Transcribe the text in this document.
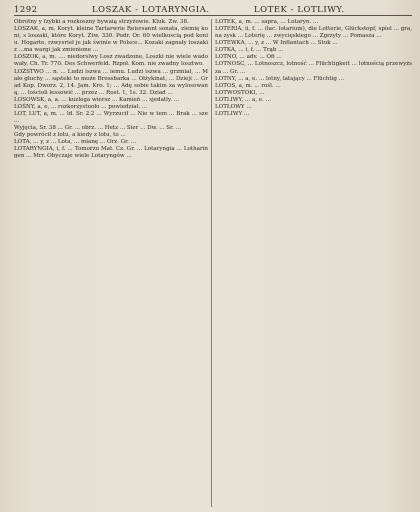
1292	LOSZAK - LOTARYNGIA.	LOTEK - LOTLIWY.

Obrotny y ſzybki a rozkoszny bywaią strzyżowie. Kluk. Zw. 38.

LOSZAK, a, m. Koryt. kleine Tartarwrie Reisrsannt sonata, ziemię koni, s loszaki, które Koryt. Ztw. 330. Podr. Or. 60 wielkoscią pod koniu. Hogarte, rzwysrieł je jak świnie w Polsce... Kozaki zagnały loszaki z ...ma wargi jak zmienione ...

LOSZOK, a, m. .... niedorslwy Losz zwadzone, Loszki nie wiele wadowały. Ch. Tr. 770. Des Schwerfeld. Rzpoł. Kom. nie zwadny losztwo.

LOŻSTWO ... n. ... Ludzi iszwa ... iemu. Ludzi iszwa ... grzmiał, ... Mało głuchy ... sąsteki to może Brossbarka ... Ołżykinat, ... Dzieji ... Grad Kop. Dworz. 2, 14. Jam. Kro. 1; ... Adę sobie takim za wylosowaną, ... lościoli lessowić ... przez ... Rost. 1, 1s. 32. Dziad ...

LOSOWSK, a, a. ... kuzlega wiersz ... Kamień ... sjedatly. ...

LOŚNY, a, e, ... rozkorzystuoło ... powiedział. ...

LOT, LUT, a, m. ... ld. Sr. 2.2 ... Wyrzucił ... Nie w tem ... Brak ... sze ...

Wyjęcia, Sr. 38 ... Gr. ... obrz. ... Hetz ... Sier ... Dw. ... Sr. ...

Gdy powrócił z lotu, a kiedy z lotu, to ...

LOTA, ... y, z ... Lota, ... mianę ... Orz. Gr. ...

LOTARYNGIA, i, f. ... Tomorzu Mat. Cz. Gr. ... Lotaryngia ... Lotharingen ... Mrr. Obyczaje wiele Lotaryngów ...

LOTEK, a, m. ... sapra, ... Lotaryn. ...

LOTERIA, ii, f. ... (łac. lotarium), die Lotterie, Glückstopf, spiel ... gra, na zysk ... Loterię ... zwycięskiego ... Zgrzyty ... Pomasza ...

LOTEWKA, ... y, z ... W Inflantach ... Stuk ...

LOTKA, ... i, f. ... Trąb ...

LOTNO, ... adv. ... Ofi ...

LOTNOSC, ... Lotnoszcz, lotność ... Flüchtigkeit ... lotnością przewyższa ... Gr. ...

LOTNY, ... a, e. ... lotny, latający ... Flüchtig ...

LOTOS, a, m. ... rośl. ...

LOTWOSTOKI, ...

LOTLIWY, ... a, e. ...

LOTŁOWY ...

LOTLIWY ...
